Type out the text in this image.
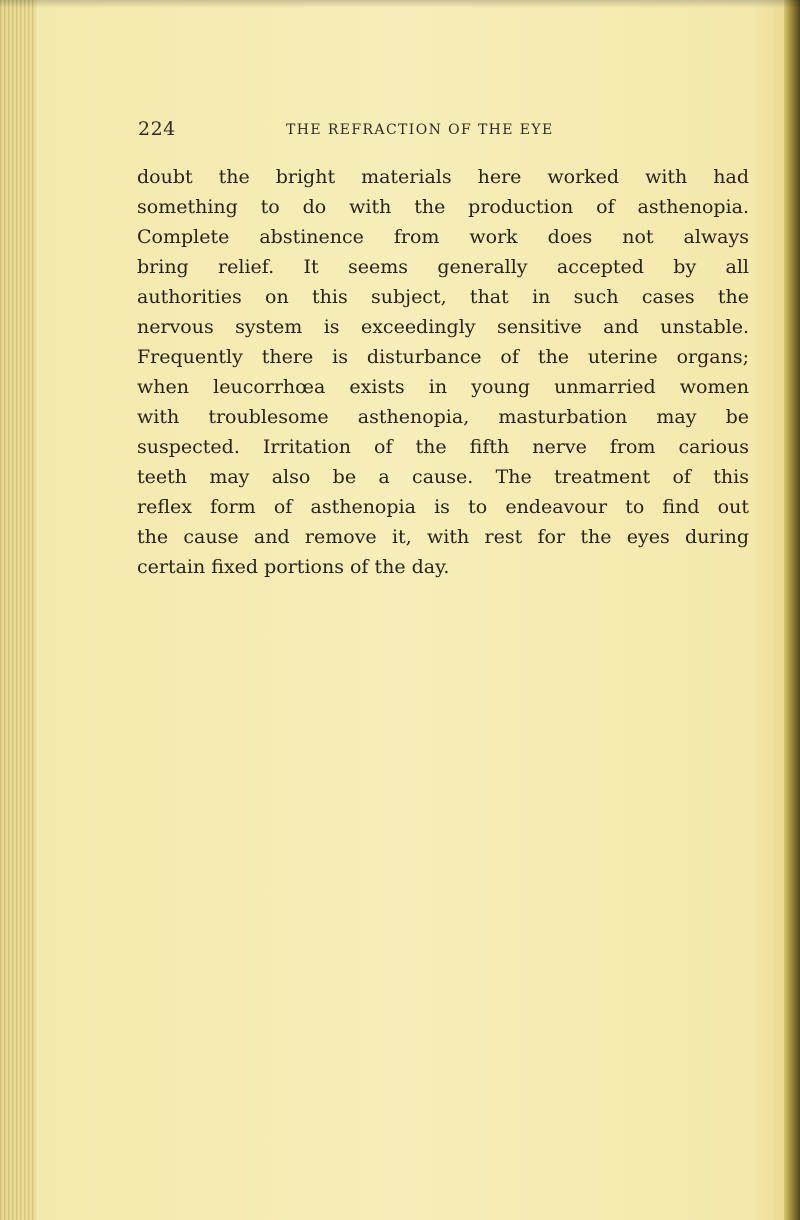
224	THE REFRACTION OF THE EYE
doubt the bright materials here worked with had
something to do with the production of asthenopia.
Complete abstinence from work does not always
bring relief. It seems generally accepted by all
authorities on this subject, that in such cases the
nervous system is exceedingly sensitive and unstable.
Frequently there is disturbance of the uterine organs;
when leucorrhœa exists in young unmarried women
with troublesome asthenopia, masturbation may be
suspected. Irritation of the fifth nerve from carious
teeth may also be a cause. The treatment of this
reflex form of asthenopia is to endeavour to find out
the cause and remove it, with rest for the eyes during
certain fixed portions of the day.
